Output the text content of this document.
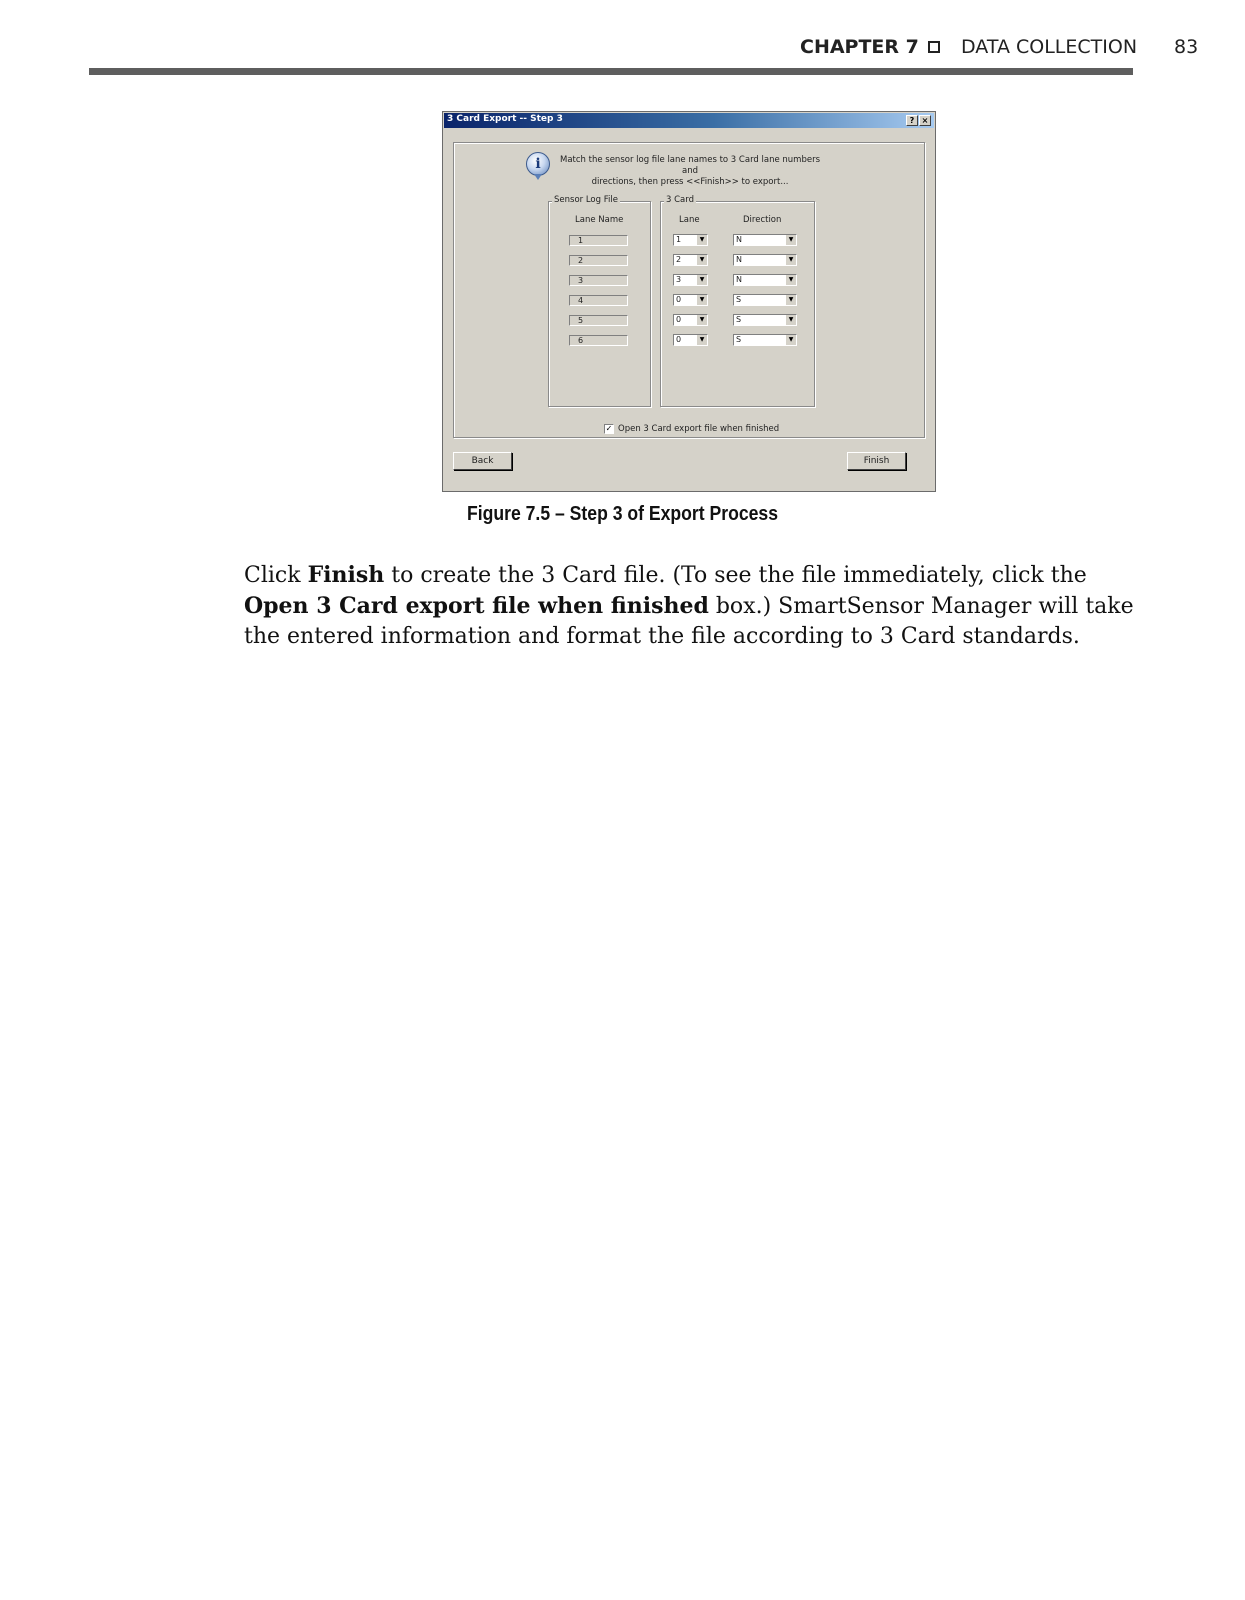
CHAPTER 7 DATA COLLECTION 83
3 Card Export -- Step 3	? ×
i	Match the sensor log file lane names to 3 Card lane numbers and
directions, then press <<Finish>> to export...
Sensor Log File
Lane Name
3 Card
Lane	Direction
1	1	▼	N	▼
2	2	▼	N	▼
3	3	▼	N	▼
4	0	▼	S	▼
5	0	▼	S	▼
6	0	▼	S	▼
✓ Open 3 Card export file when finished
Back	Finish
Figure 7.5 – Step 3 of Export Process
Click Finish to create the 3 Card file. (To see the file immediately, click the Open 3 Card export file when finished box.) SmartSensor Manager will take the entered information and format the file according to 3 Card standards.
